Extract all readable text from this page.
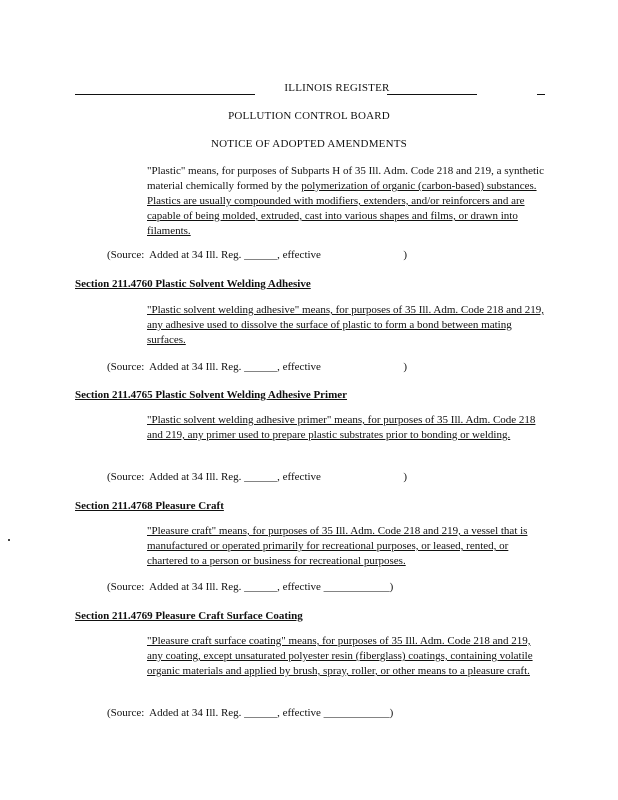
ILLINOIS REGISTER
POLLUTION CONTROL BOARD
NOTICE OF ADOPTED AMENDMENTS
"Plastic" means, for purposes of Subparts H of 35 Ill. Adm. Code 218 and 219, a synthetic material chemically formed by the polymerization of organic (carbon-based) substances. Plastics are usually compounded with modifiers, extenders, and/or reinforcers and are capable of being molded, extruded, cast into various shapes and films, or drawn into filaments.
(Source:  Added at 34 Ill. Reg. ______, effective                              )
Section 211.4760 Plastic Solvent Welding Adhesive
"Plastic solvent welding adhesive" means, for purposes of 35 Ill. Adm. Code 218 and 219, any adhesive used to dissolve the surface of plastic to form a bond between mating surfaces.
(Source:  Added at 34 Ill. Reg. ______, effective                              )
Section 211.4765 Plastic Solvent Welding Adhesive Primer
"Plastic solvent welding adhesive primer" means, for purposes of 35 Ill. Adm. Code 218 and 219, any primer used to prepare plastic substrates prior to bonding or welding.
(Source:  Added at 34 Ill. Reg. ______, effective                              )
Section 211.4768 Pleasure Craft
"Pleasure craft" means, for purposes of 35 Ill. Adm. Code 218 and 219, a vessel that is manufactured or operated primarily for recreational purposes, or leased, rented, or chartered to a person or business for recreational purposes.
(Source:  Added at 34 Ill. Reg. ______, effective ____________)
Section 211.4769 Pleasure Craft Surface Coating
"Pleasure craft surface coating" means, for purposes of 35 Ill. Adm. Code 218 and 219, any coating, except unsaturated polyester resin (fiberglass) coatings, containing volatile organic materials and applied by brush, spray, roller, or other means to a pleasure craft.
(Source:  Added at 34 Ill. Reg. ______, effective ____________)
